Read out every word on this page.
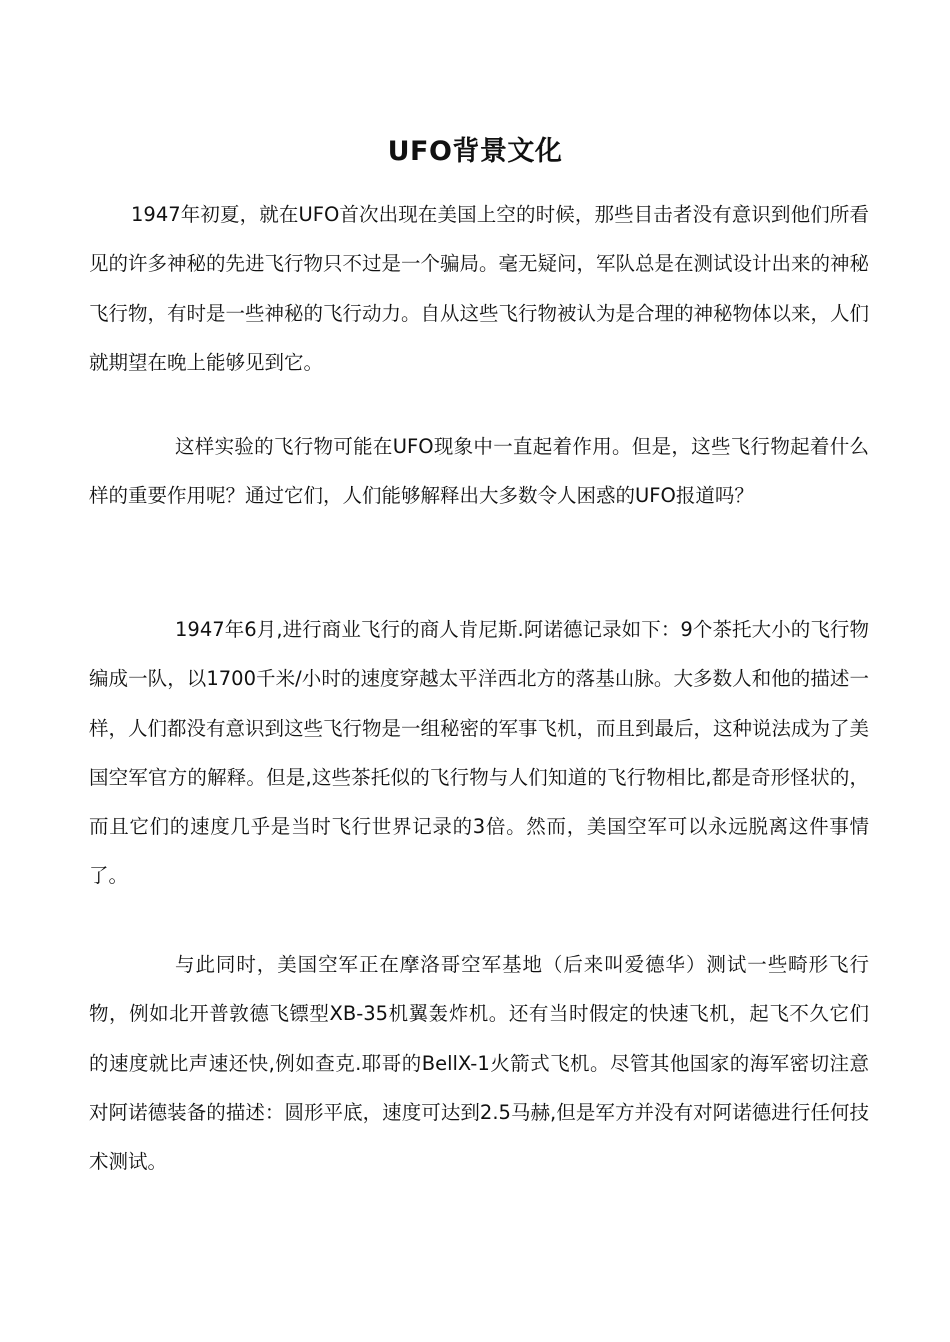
UFO背景文化

1947年初夏，就在UFO首次出现在美国上空的时候，那些目击者没有意识到他们所看见的许多神秘的先进飞行物只不过是一个骗局。毫无疑问，军队总是在测试设计出来的神秘飞行物，有时是一些神秘的飞行动力。自从这些飞行物被认为是合理的神秘物体以来，人们就期望在晚上能够见到它。

这样实验的飞行物可能在UFO现象中一直起着作用。但是，这些飞行物起着什么样的重要作用呢？通过它们，人们能够解释出大多数令人困惑的UFO报道吗？

1947年6月,进行商业飞行的商人肯尼斯.阿诺德记录如下：9个茶托大小的飞行物编成一队，以1700千米/小时的速度穿越太平洋西北方的落基山脉。大多数人和他的描述一样，人们都没有意识到这些飞行物是一组秘密的军事飞机，而且到最后，这种说法成为了美国空军官方的解释。但是,这些茶托似的飞行物与人们知道的飞行物相比,都是奇形怪状的，而且它们的速度几乎是当时飞行世界记录的3倍。然而，美国空军可以永远脱离这件事情了。

与此同时，美国空军正在摩洛哥空军基地（后来叫爱德华）测试一些畸形飞行物，例如北开普敦德飞镖型XB-35机翼轰炸机。还有当时假定的快速飞机，起飞不久它们的速度就比声速还快,例如查克.耶哥的BellX-1火箭式飞机。尽管其他国家的海军密切注意对阿诺德装备的描述：圆形平底，速度可达到2.5马赫,但是军方并没有对阿诺德进行任何技术测试。
